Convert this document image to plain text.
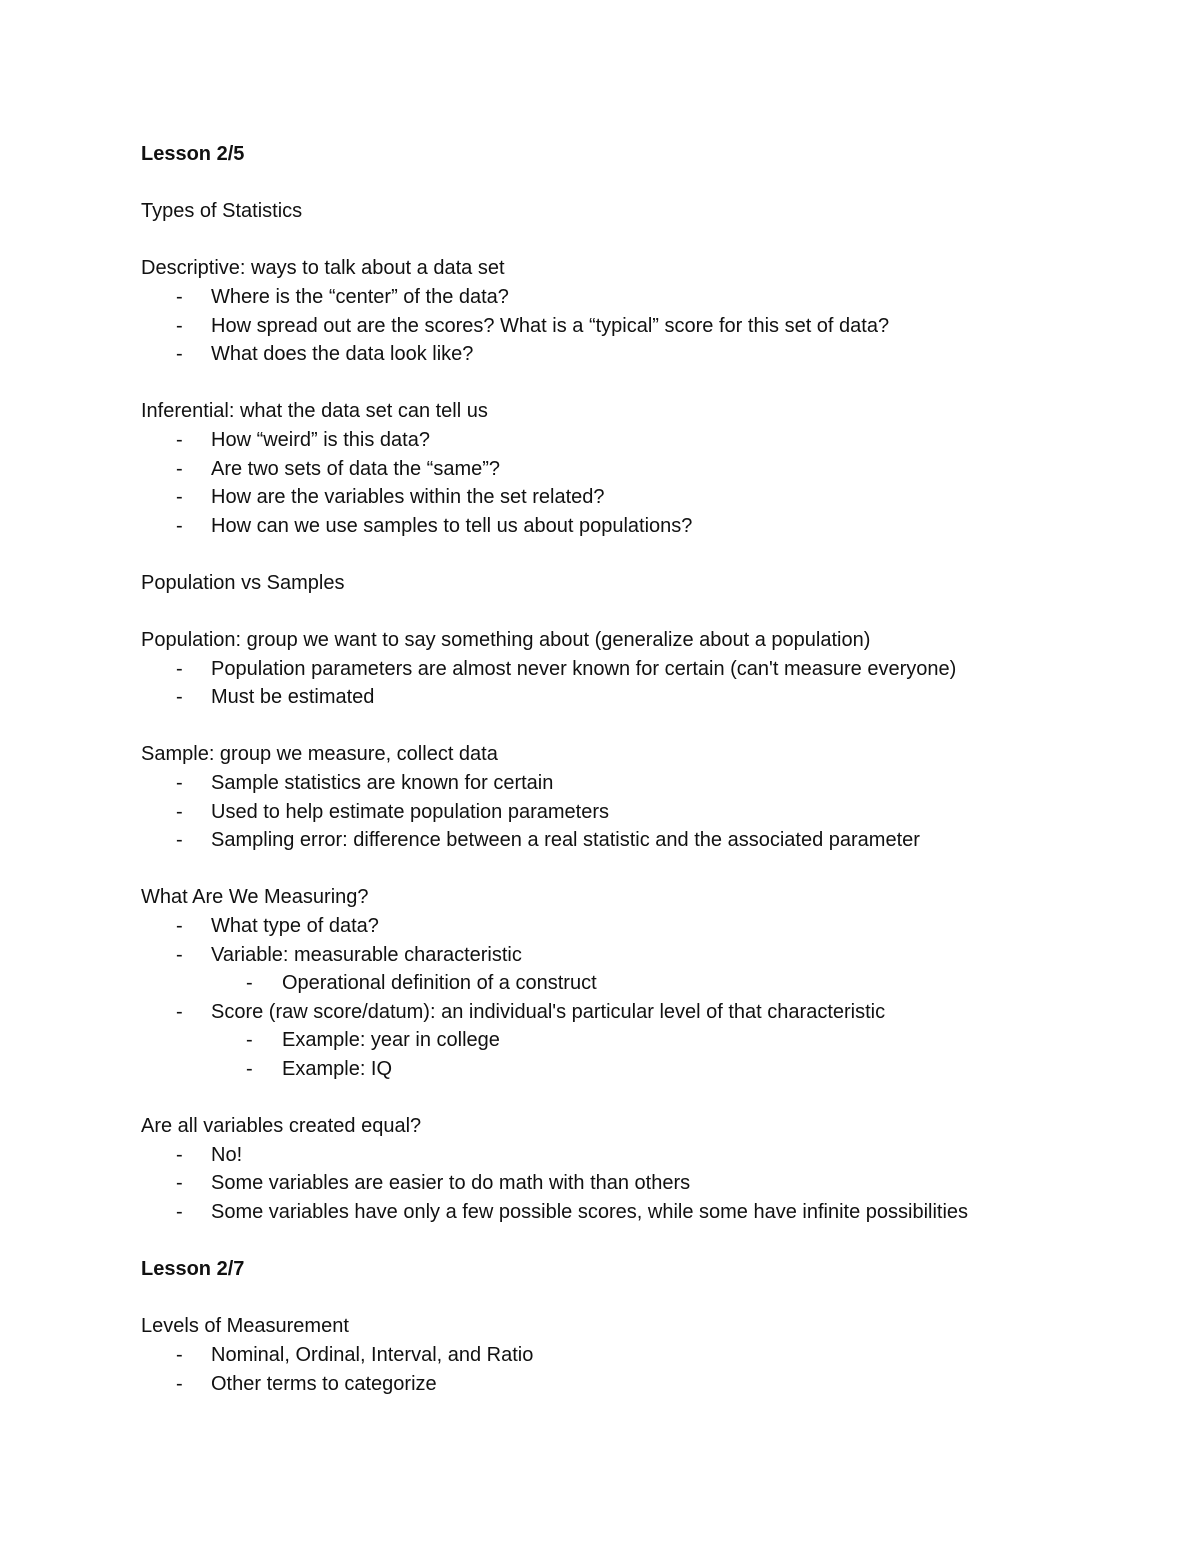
Lesson 2/5
Types of Statistics
Descriptive: ways to talk about a data set
- Where is the “center” of the data?
- How spread out are the scores? What is a “typical” score for this set of data?
- What does the data look like?
Inferential: what the data set can tell us
- How “weird” is this data?
- Are two sets of data the “same”?
- How are the variables within the set related?
- How can we use samples to tell us about populations?
Population vs Samples
Population: group we want to say something about (generalize about a population)
- Population parameters are almost never known for certain (can't measure everyone)
- Must be estimated
Sample: group we measure, collect data
- Sample statistics are known for certain
- Used to help estimate population parameters
- Sampling error: difference between a real statistic and the associated parameter
What Are We Measuring?
- What type of data?
- Variable: measurable characteristic
- Operational definition of a construct
- Score (raw score/datum): an individual's particular level of that characteristic
- Example: year in college
- Example: IQ
Are all variables created equal?
- No!
- Some variables are easier to do math with than others
- Some variables have only a few possible scores, while some have infinite possibilities
Lesson 2/7
Levels of Measurement
- Nominal, Ordinal, Interval, and Ratio
- Other terms to categorize
